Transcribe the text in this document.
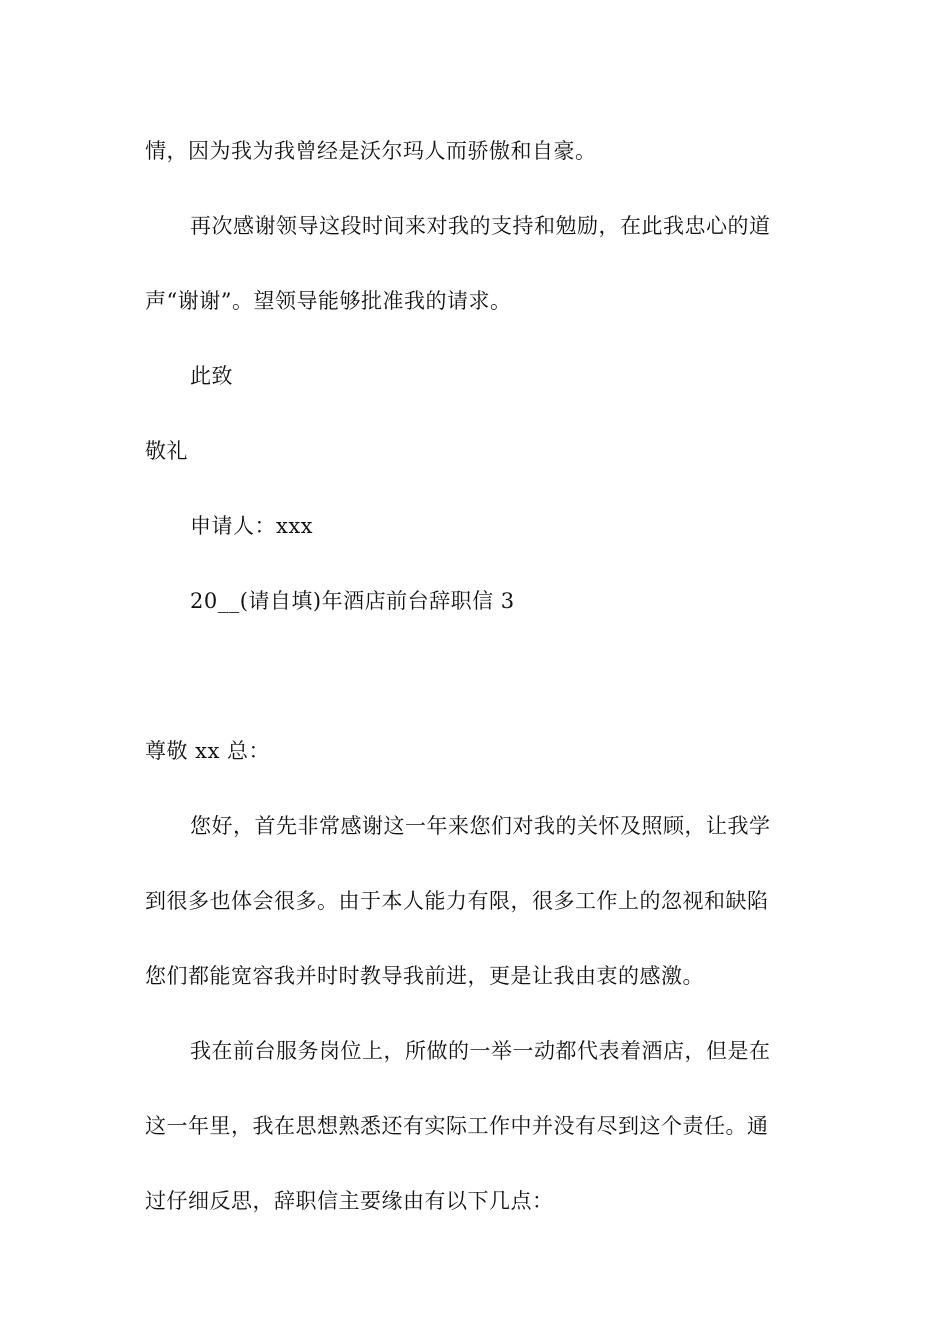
情，因为我为我曾经是沃尔玛人而骄傲和自豪。
再次感谢领导这段时间来对我的支持和勉励，在此我忠心的道
声“谢谢”。望领导能够批准我的请求。
此致
敬礼
申请人：xxx
20__(请自填)年酒店前台辞职信 3
尊敬 xx 总：
您好，首先非常感谢这一年来您们对我的关怀及照顾，让我学
到很多也体会很多。由于本人能力有限，很多工作上的忽视和缺陷
您们都能宽容我并时时教导我前进，更是让我由衷的感激。
我在前台服务岗位上，所做的一举一动都代表着酒店，但是在
这一年里，我在思想熟悉还有实际工作中并没有尽到这个责任。通
过仔细反思，辞职信主要缘由有以下几点：
